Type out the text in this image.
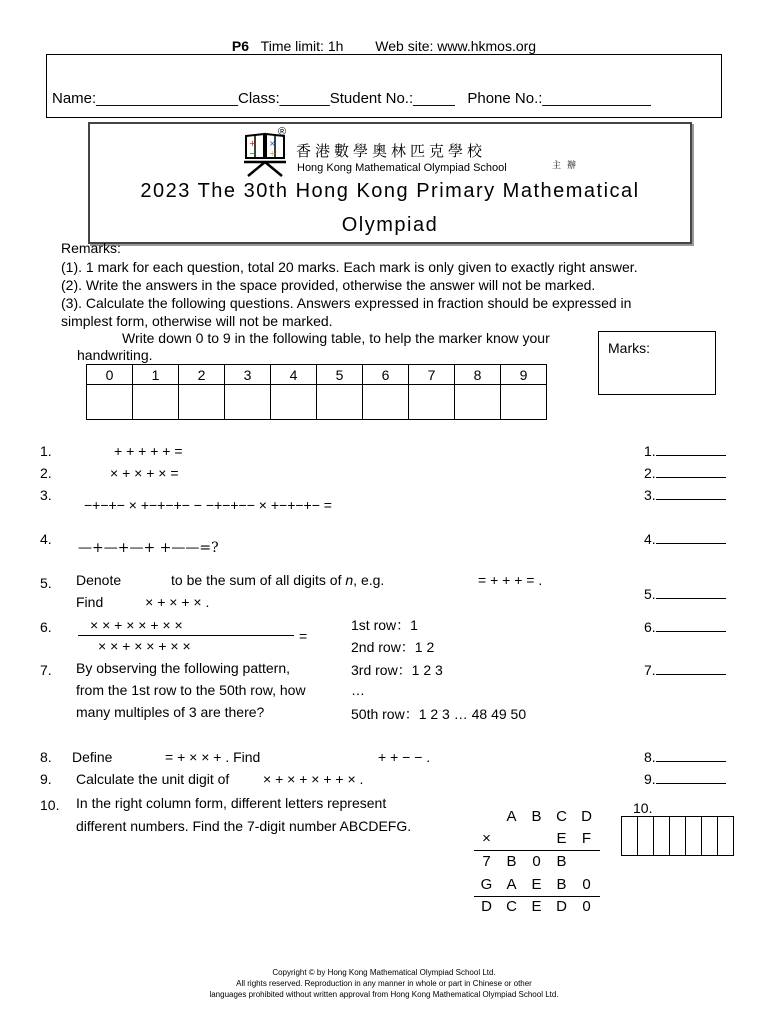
P6 Time limit: 1h Web site: www.hkmos.org
Name:_________________Class:______Student No.:_____ Phone No.:_____________
+ ×
− ÷
®
香港數學奧林匹克學校
Hong Kong Mathematical Olympiad School	主辦
2023 The 30th Hong Kong Primary Mathematical
Olympiad
Remarks:
(1). 1 mark for each question, total 20 marks. Each mark is only given to exactly right answer.
(2). Write the answers in the space provided, otherwise the answer will not be marked.
(3). Calculate the following questions. Answers expressed in fraction should be expressed in
simplest form, otherwise will not be marked.
Write down 0 to 9 in the following table, to help the marker know your
handwriting.	Marks:
0	1	2	3	4	5	6	7	8	9

1.	+ + + + + =	1.
2.	× + × + × =	2.
3.
−+−+− × +−+−+− − −+−+−− × +−+−+− =
3.
4.
—+—+—+ +——=?
4.
5. Denote	to be the sum of all digits of n, e.g.	= + + + = .
Find	× + × + × .	5.
6.	× × + × × + × ×
× × + × × + × ×
=
6.
1st row：1
2nd row：1 2
7. By observing the following pattern,	3rd row：1 2 3
from the 1st row to the 50th row, how	…
many multiples of 3 are there?	50th row：1 2 3 … 48 49 50
7.
8. Define	= + × × + . Find	+ + − − .	8.
9. Calculate the unit digit of × + × + × + + × .	9.
10. In the right column form, different letters represent
different numbers. Find the 7-digit number ABCDEFG.
10.
A B C D
×	E F
7 B 0 B
G A E B 0
D C E D 0
Copyright © by Hong Kong Mathematical Olympiad School Ltd.
All rights reserved. Reproduction in any manner in whole or part in Chinese or other
languages prohibited without written approval from Hong Kong Mathematical Olympiad School Ltd.
